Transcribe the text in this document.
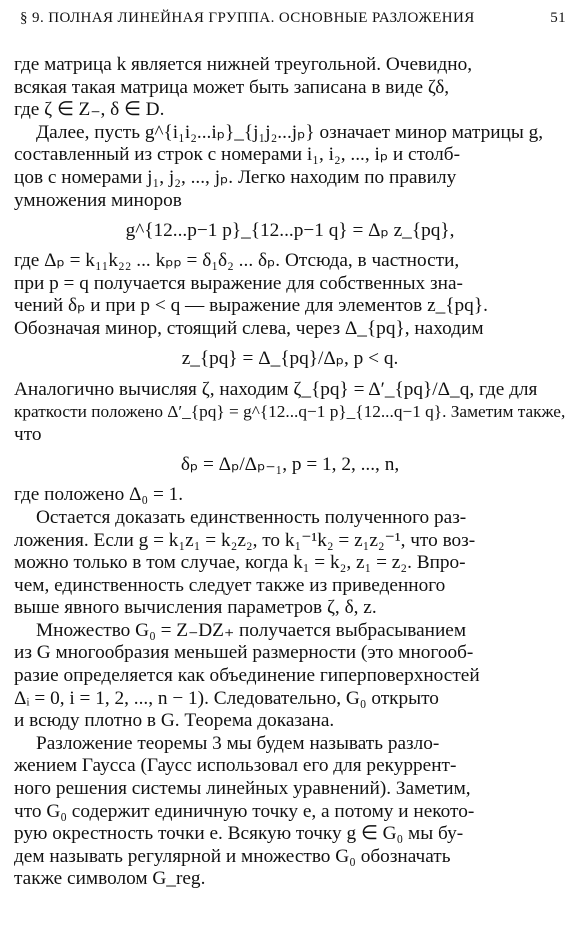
§ 9. ПОЛНАЯ ЛИНЕЙНАЯ ГРУППА. ОСНОВНЫЕ РАЗЛОЖЕНИЯ	51
где матрица k является нижней треугольной. Очевидно,
всякая такая матрица может быть записана в виде ζδ,
где ζ ∈ Z₋, δ ∈ D.
Далее, пусть g^{i₁i₂...iₚ}_{j₁j₂...jₚ} означает минор матрицы g,
составленный из строк с номерами i₁, i₂, ..., iₚ и столб-
цов с номерами j₁, j₂, ..., jₚ. Легко находим по правилу
умножения миноров
g^{12...p−1 p}_{12...p−1 q} = Δₚ z_{pq},
где Δₚ = k₁₁k₂₂ ... kₚₚ = δ₁δ₂ ... δₚ. Отсюда, в частности,
при p = q получается выражение для собственных зна-
чений δₚ и при p < q — выражение для элементов z_{pq}.
Обозначая минор, стоящий слева, через Δ_{pq}, находим
z_{pq} = Δ_{pq}/Δₚ, p < q.
Аналогично вычисляя ζ, находим ζ_{pq} = Δ′_{pq}/Δ_q, где для
краткости положено Δ′_{pq} = g^{12...q−1 p}_{12...q−1 q}. Заметим также,
что
δₚ = Δₚ/Δₚ₋₁, p = 1, 2, ..., n,
где положено Δ₀ = 1.
Остается доказать единственность полученного раз-
ложения. Если g = k₁z₁ = k₂z₂, то k₁⁻¹k₂ = z₁z₂⁻¹, что воз-
можно только в том случае, когда k₁ = k₂, z₁ = z₂. Впро-
чем, единственность следует также из приведенного
выше явного вычисления параметров ζ, δ, z.
Множество G₀ = Z₋DZ₊ получается выбрасыванием
из G многообразия меньшей размерности (это многооб-
разие определяется как объединение гиперповерхностей
Δᵢ = 0, i = 1, 2, ..., n − 1). Следовательно, G₀ открыто
и всюду плотно в G. Теорема доказана.
Разложение теоремы 3 мы будем называть разло-
жением Гаусса (Гаусс использовал его для рекуррент-
ного решения системы линейных уравнений). Заметим,
что G₀ содержит единичную точку e, а потому и некото-
рую окрестность точки e. Всякую точку g ∈ G₀ мы бу-
дем называть регулярной и множество G₀ обозначать
также символом G_reg.
